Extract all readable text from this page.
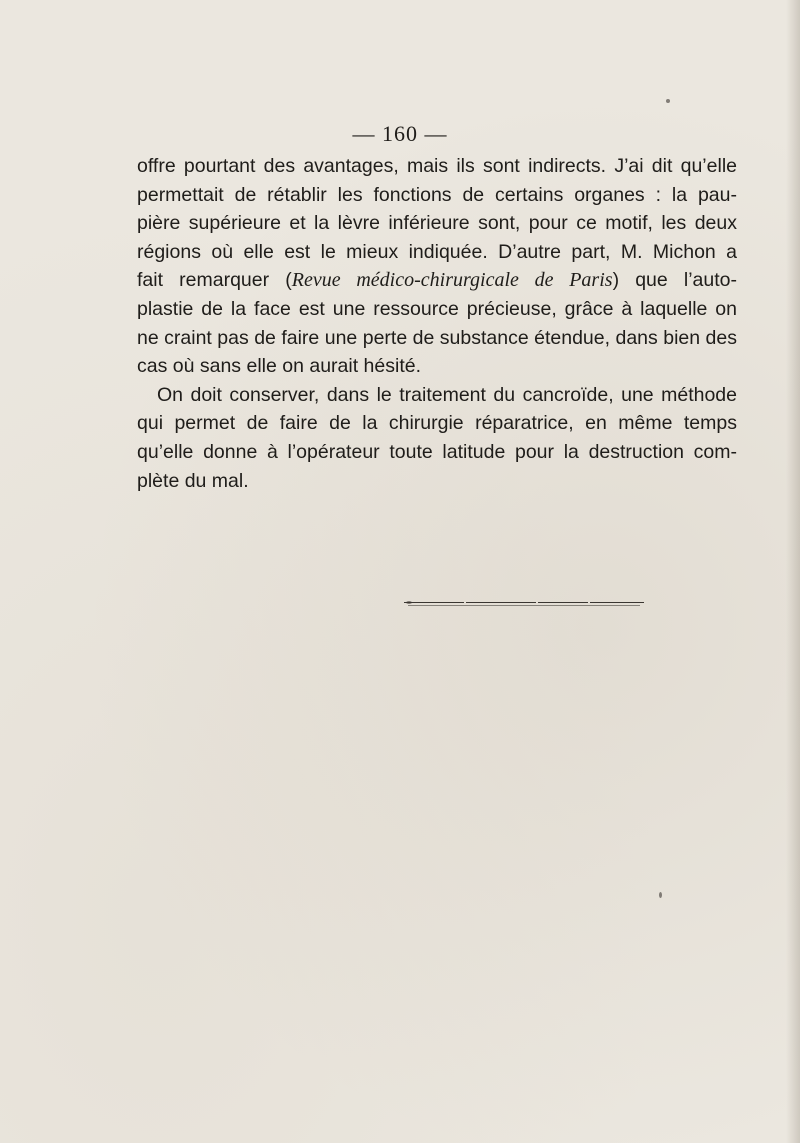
— 160 —
offre pourtant des avantages, mais ils sont indirects. J’ai dit qu’elle
permettait de rétablir les fonctions de certains organes : la pau-
pière supérieure et la lèvre inférieure sont, pour ce motif, les deux
régions où elle est le mieux indiquée. D’autre part, M. Michon a
fait remarquer (Revue médico-chirurgicale de Paris) que l’auto-
plastie de la face est une ressource précieuse, grâce à laquelle on
ne craint pas de faire une perte de substance étendue, dans bien des
cas où sans elle on aurait hésité.
On doit conserver, dans le traitement du cancroïde, une méthode
qui permet de faire de la chirurgie réparatrice, en même temps
qu’elle donne à l’opérateur toute latitude pour la destruction com-
plète du mal.
